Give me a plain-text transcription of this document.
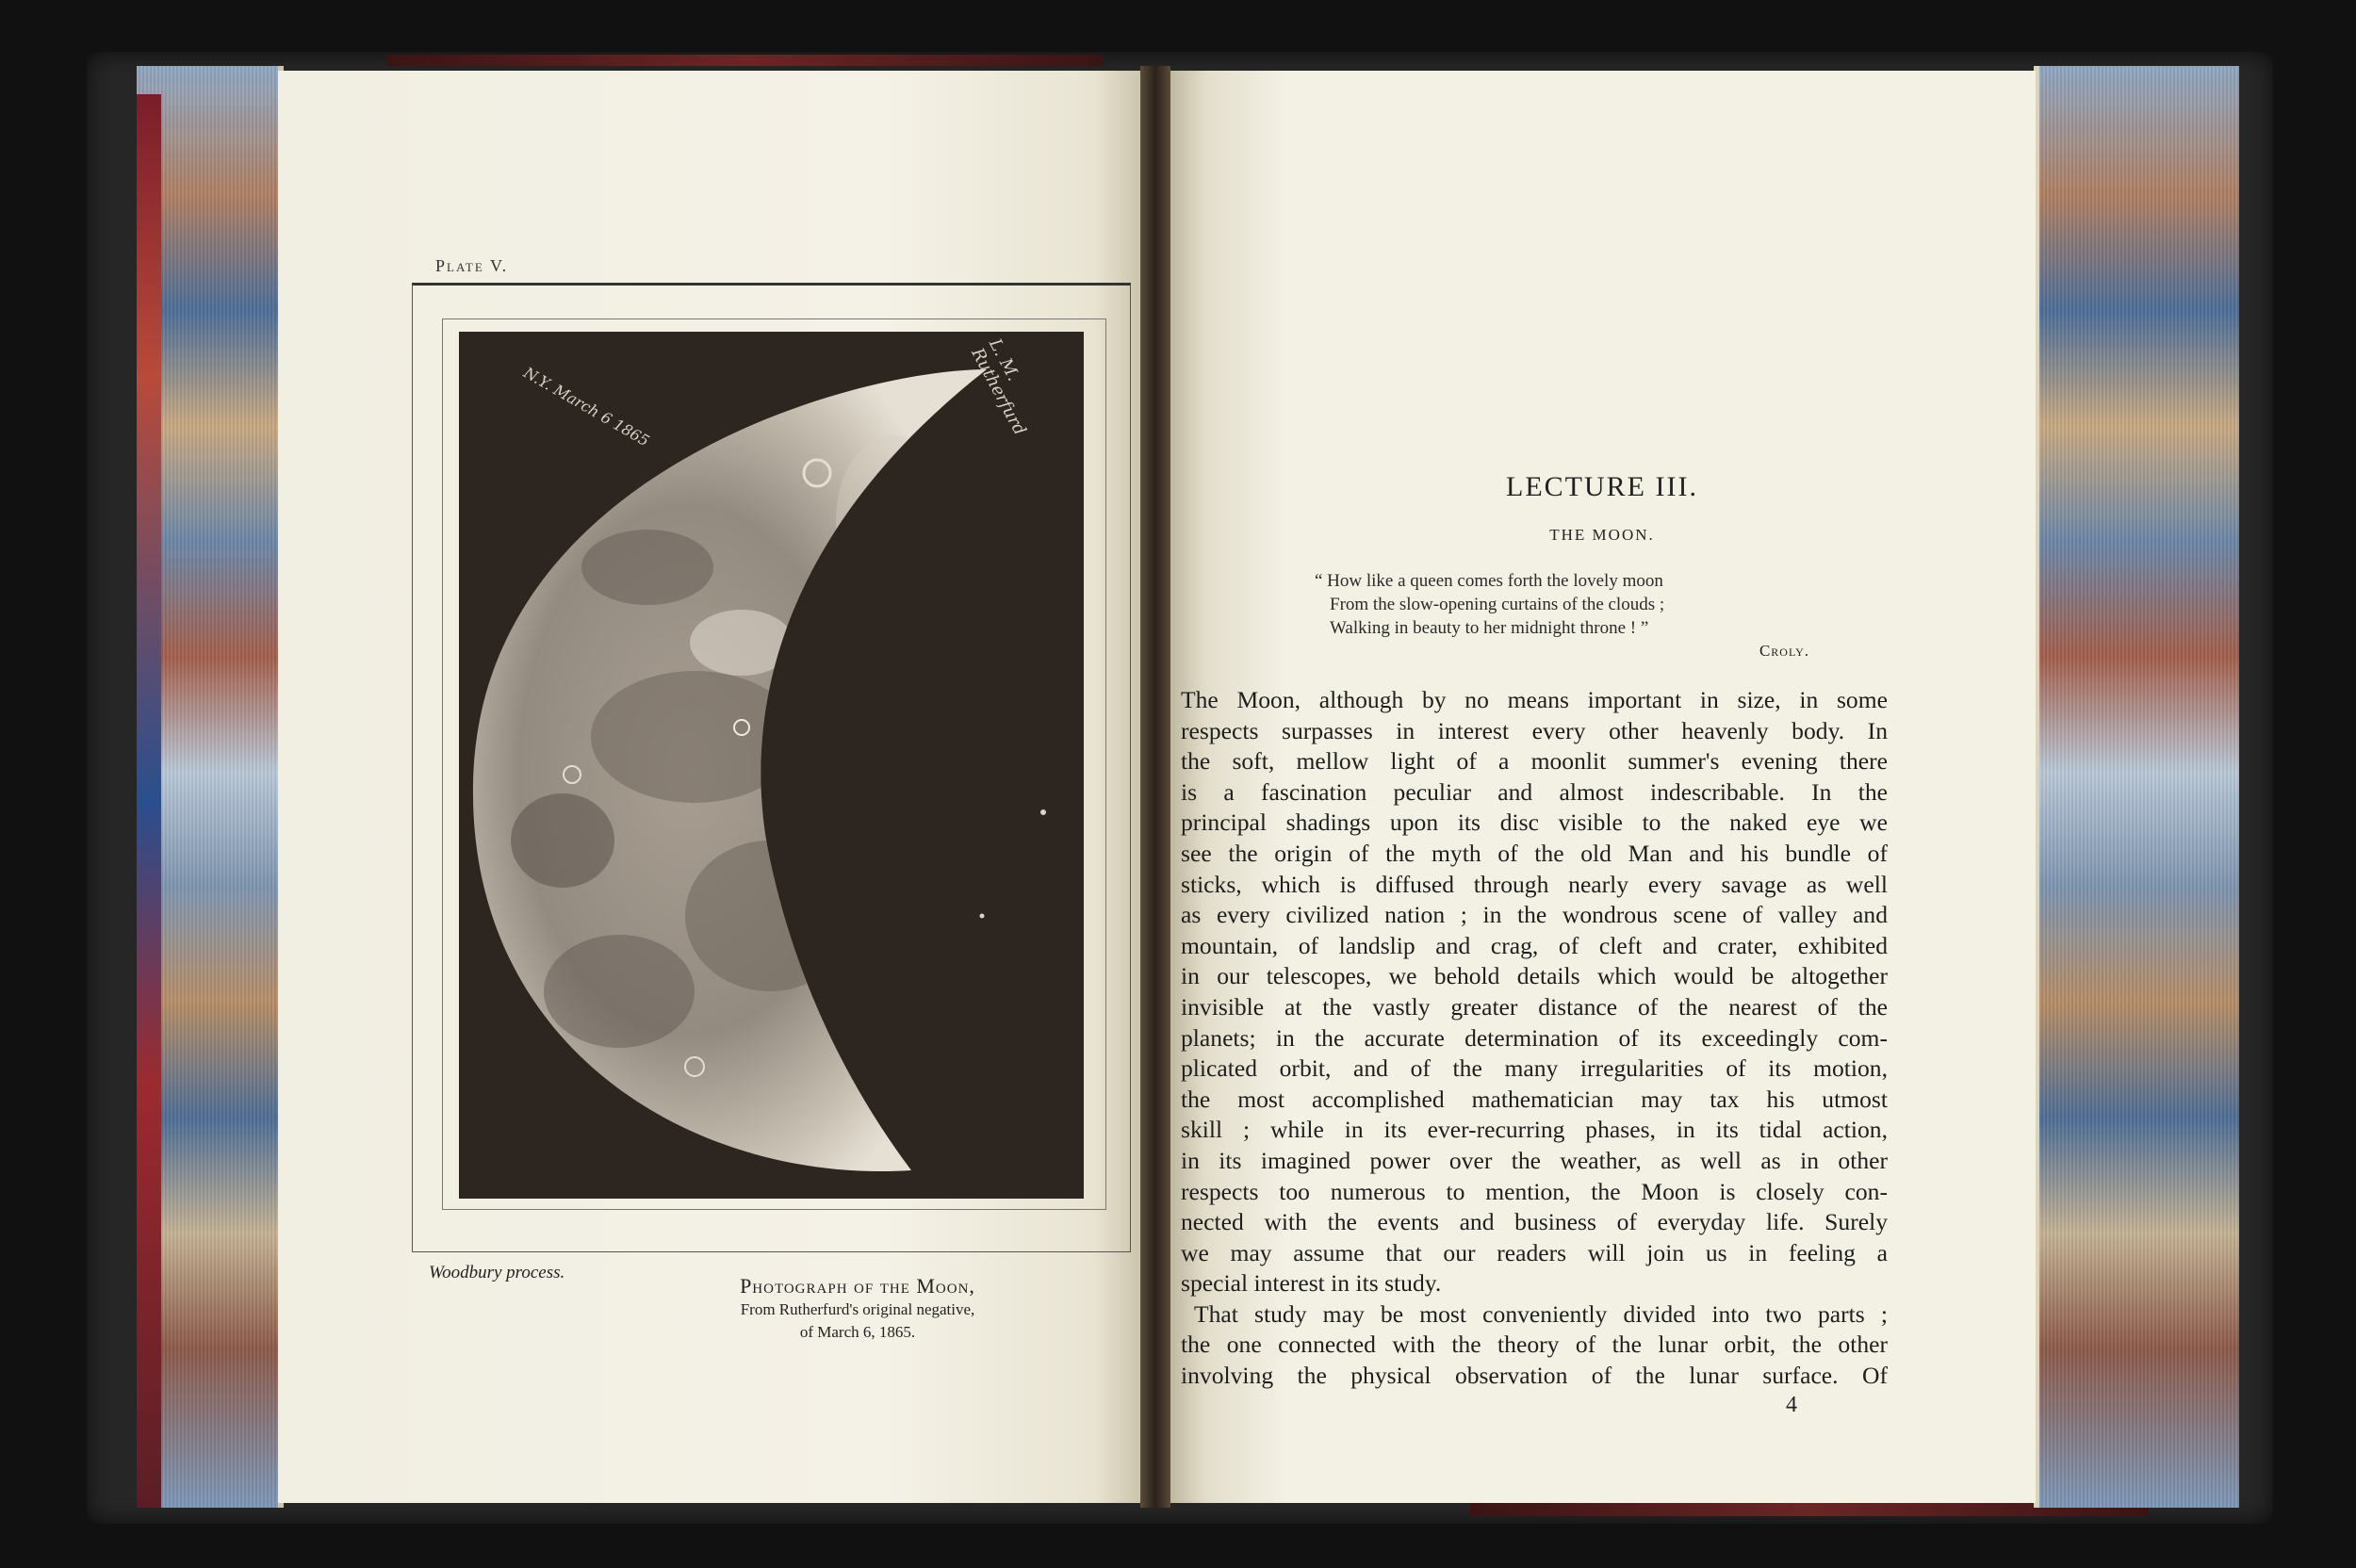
Plate V.
L. M. Rutherfurd
N.Y. March 6 1865
Woodbury process.
Photograph of the Moon,
From Rutherfurd's original negative,
of March 6, 1865.
LECTURE III.
THE MOON.
“ How like a queen comes forth the lovely moon
From the slow-opening curtains of the clouds ;
Walking in beauty to her midnight throne ! ”
Croly.
The Moon, although by no means important in size, in some
respects surpasses in interest every other heavenly body. In
the soft, mellow light of a moonlit summer's evening there
is a fascination peculiar and almost indescribable. In the
principal shadings upon its disc visible to the naked eye we
see the origin of the myth of the old Man and his bundle of
sticks, which is diffused through nearly every savage as well
as every civilized nation ; in the wondrous scene of valley and
mountain, of landslip and crag, of cleft and crater, exhibited
in our telescopes, we behold details which would be altogether
invisible at the vastly greater distance of the nearest of the
planets; in the accurate determination of its exceedingly com-
plicated orbit, and of the many irregularities of its motion,
the most accomplished mathematician may tax his utmost
skill ; while in its ever-recurring phases, in its tidal action,
in its imagined power over the weather, as well as in other
respects too numerous to mention, the Moon is closely con-
nected with the events and business of everyday life. Surely
we may assume that our readers will join us in feeling a
special interest in its study.
That study may be most conveniently divided into two parts ;
the one connected with the theory of the lunar orbit, the other
involving the physical observation of the lunar surface. Of
4
